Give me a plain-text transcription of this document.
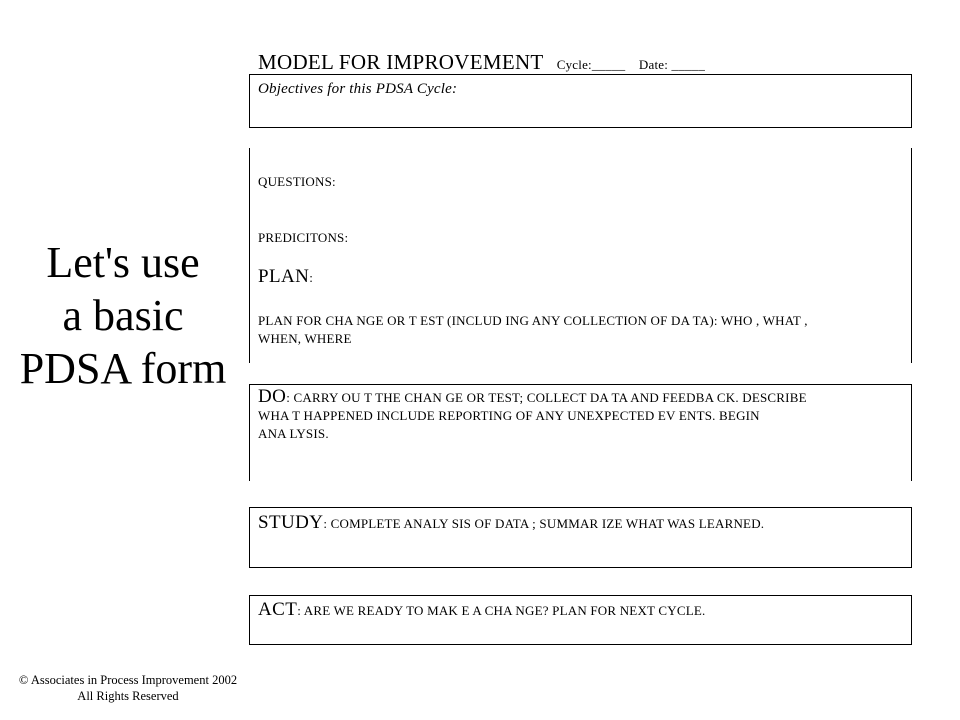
Let's use
a basic
PDSA form
© Associates in Process Improvement 2002
All Rights Reserved
MODEL FOR IMPROVEMENT Cycle:_____ Date: _____
Objectives for this PDSA Cycle:
QUESTIONS:
PREDICITONS:
PLAN:
PLAN FOR CHA NGE OR T EST (INCLUD ING ANY COLLECTION OF DA TA): WHO , WHAT ,
WHEN, WHERE
DO: CARRY OU T THE CHAN GE OR TEST; COLLECT DA TA AND FEEDBA CK. DESCRIBE
WHA T HAPPENED INCLUDE REPORTING OF ANY UNEXPECTED EV ENTS. BEGIN
ANA LYSIS.
STUDY: COMPLETE ANALY SIS OF DATA ; SUMMAR IZE WHAT WAS LEARNED.
ACT: ARE WE READY TO MAK E A CHA NGE? PLAN FOR NEXT CYCLE.
